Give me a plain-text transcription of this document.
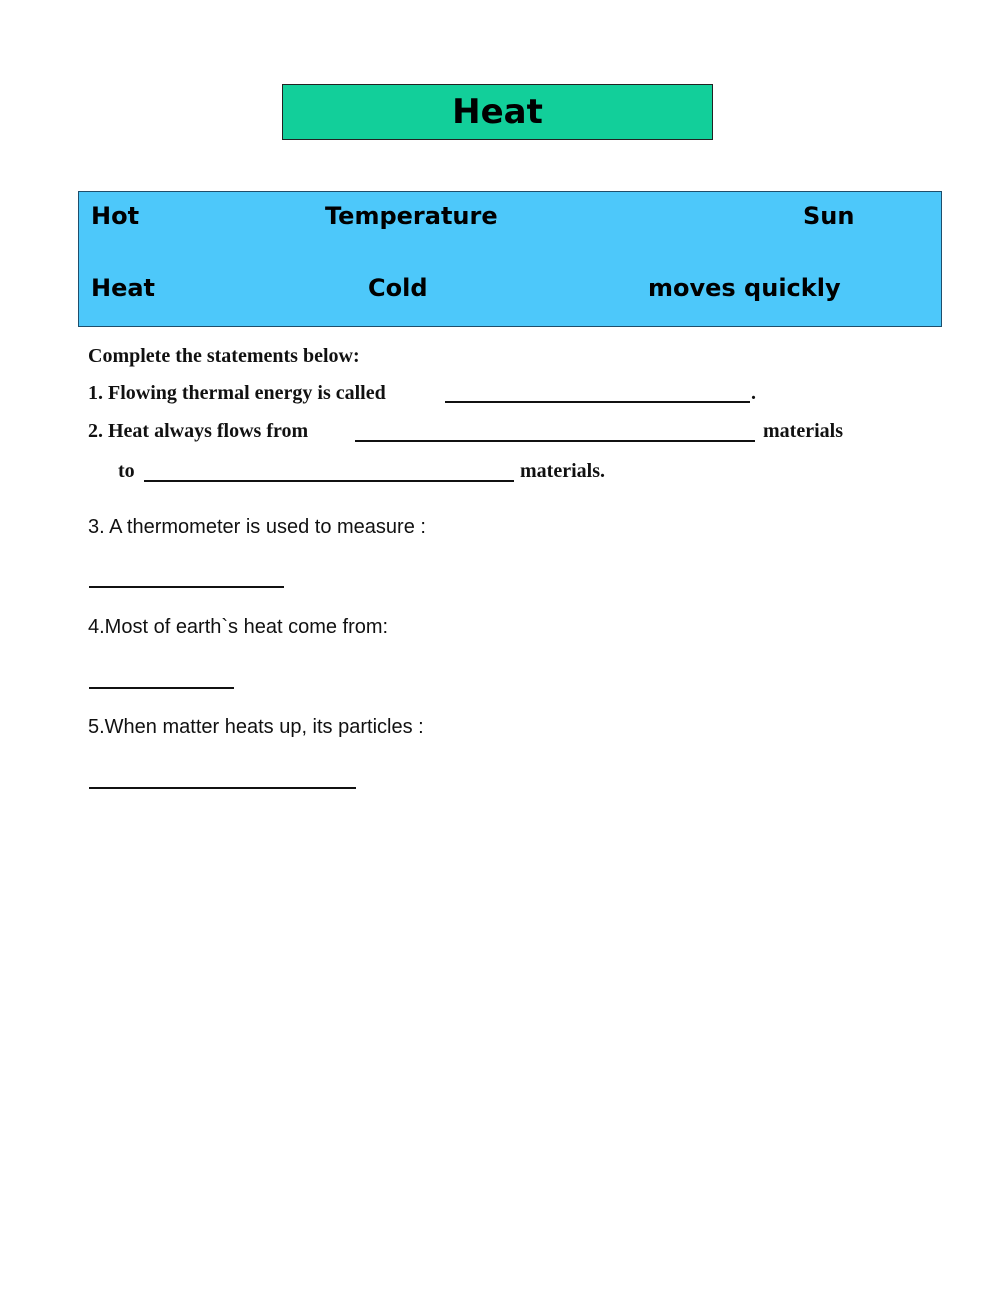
Heat
Hot	Temperature	Sun
Heat	Cold	moves quickly
Complete the statements below:
1. Flowing thermal energy is called	.
2. Heat always flows from	materials
to	materials.
3. A thermometer is used to measure :
4.Most of earth`s heat come from:
5.When matter heats up, its particles :
